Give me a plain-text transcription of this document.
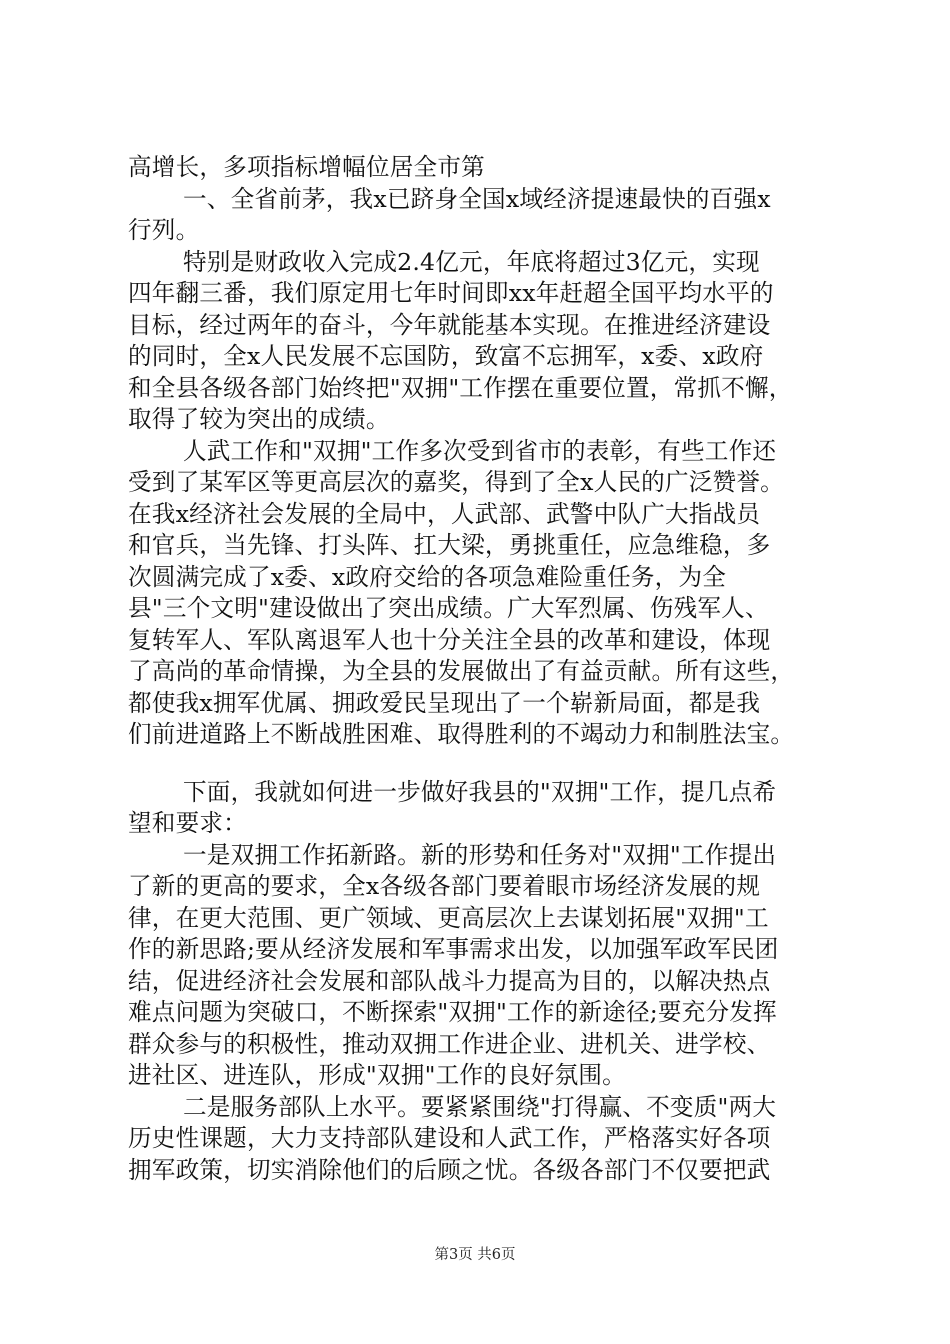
高增长，多项指标增幅位居全市第
一、全省前茅，我x已跻身全国x域经济提速最快的百强x
行列。
特别是财政收入完成2.4亿元，年底将超过3亿元，实现
四年翻三番，我们原定用七年时间即xx年赶超全国平均水平的
目标，经过两年的奋斗，今年就能基本实现。在推进经济建设
的同时，全x人民发展不忘国防，致富不忘拥军，x委、x政府
和全县各级各部门始终把"双拥"工作摆在重要位置，常抓不懈，
取得了较为突出的成绩。
人武工作和"双拥"工作多次受到省市的表彰，有些工作还
受到了某军区等更高层次的嘉奖，得到了全x人民的广泛赞誉。
在我x经济社会发展的全局中，人武部、武警中队广大指战员
和官兵，当先锋、打头阵、扛大梁，勇挑重任，应急维稳，多
次圆满完成了x委、x政府交给的各项急难险重任务，为全
县"三个文明"建设做出了突出成绩。广大军烈属、伤残军人、
复转军人、军队离退军人也十分关注全县的改革和建设，体现
了高尚的革命情操，为全县的发展做出了有益贡献。所有这些，
都使我x拥军优属、拥政爱民呈现出了一个崭新局面，都是我
们前进道路上不断战胜困难、取得胜利的不竭动力和制胜法宝。
下面，我就如何进一步做好我县的"双拥"工作，提几点希
望和要求：
一是双拥工作拓新路。新的形势和任务对"双拥"工作提出
了新的更高的要求，全x各级各部门要着眼市场经济发展的规
律，在更大范围、更广领域、更高层次上去谋划拓展"双拥"工
作的新思路;要从经济发展和军事需求出发，以加强军政军民团
结，促进经济社会发展和部队战斗力提高为目的，以解决热点
难点问题为突破口，不断探索"双拥"工作的新途径;要充分发挥
群众参与的积极性，推动双拥工作进企业、进机关、进学校、
进社区、进连队，形成"双拥"工作的良好氛围。
二是服务部队上水平。要紧紧围绕"打得赢、不变质"两大
历史性课题，大力支持部队建设和人武工作，严格落实好各项
拥军政策，切实消除他们的后顾之忧。各级各部门不仅要把武
第3页 共6页
